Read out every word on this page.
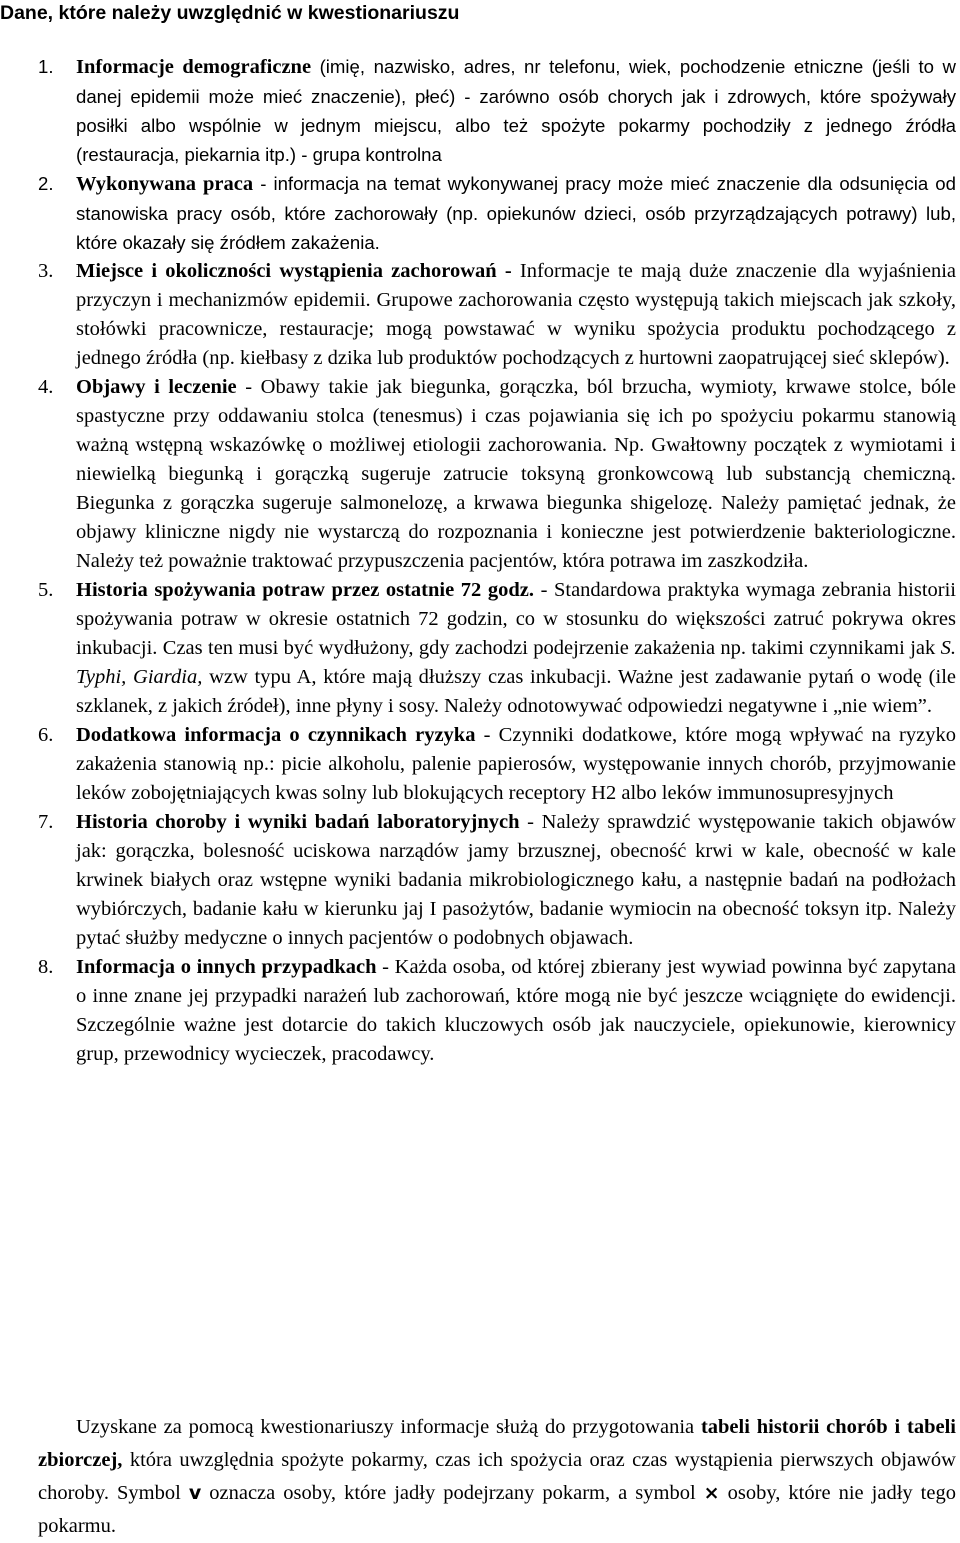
Dane, które należy uwzględnić w kwestionariuszu
1.	Informacje demograficzne (imię, nazwisko, adres, nr telefonu, wiek, pochodzenie etniczne (jeśli to w danej epidemii może mieć znaczenie), płeć) - zarówno osób chorych jak i zdrowych, które spożywały posiłki albo wspólnie w jednym miejscu, albo też spożyte pokarmy pochodziły z jednego źródła (restauracja, piekarnia itp.) - grupa kontrolna
2.	Wykonywana praca - informacja na temat wykonywanej pracy może mieć znaczenie dla odsunięcia od stanowiska pracy osób, które zachorowały (np. opiekunów dzieci, osób przyrządzających potrawy) lub, które okazały się źródłem zakażenia.
3.	Miejsce i okoliczności wystąpienia zachorowań - Informacje te mają duże znaczenie dla wyjaśnienia przyczyn i mechanizmów epidemii. Grupowe zachorowania często występują takich miejscach jak szkoły, stołówki pracownicze, restauracje; mogą powstawać w wyniku spożycia produktu pochodzącego z jednego źródła (np. kiełbasy z dzika lub produktów pochodzących z hurtowni zaopatrującej sieć sklepów).
4.	Objawy i leczenie - Obawy takie jak biegunka, gorączka, ból brzucha, wymioty, krwawe stolce, bóle spastyczne przy oddawaniu stolca (tenesmus) i czas pojawiania się ich po spożyciu pokarmu stanowią ważną wstępną wskazówkę o możliwej etiologii zachorowania. Np. Gwałtowny początek z wymiotami i niewielką biegunką i gorączką sugeruje zatrucie toksyną gronkowcową lub substancją chemiczną. Biegunka z gorączka sugeruje salmonelozę, a krwawa biegunka shigelozę. Należy pamiętać jednak, że objawy kliniczne nigdy nie wystarczą do rozpoznania i konieczne jest potwierdzenie bakteriologiczne. Należy też poważnie traktować przypuszczenia pacjentów, która potrawa im zaszkodziła.
5.	Historia spożywania potraw przez ostatnie 72 godz. - Standardowa praktyka wymaga zebrania historii spożywania potraw w okresie ostatnich 72 godzin, co w stosunku do większości zatruć pokrywa okres inkubacji. Czas ten musi być wydłużony, gdy zachodzi podejrzenie zakażenia np. takimi czynnikami jak S. Typhi, Giardia, wzw typu A, które mają dłuższy czas inkubacji. Ważne jest zadawanie pytań o wodę (ile szklanek, z jakich źródeł), inne płyny i sosy. Należy odnotowywać odpowiedzi negatywne i „nie wiem”.
6.	Dodatkowa informacja o czynnikach ryzyka - Czynniki dodatkowe, które mogą wpływać na ryzyko zakażenia stanowią np.: picie alkoholu, palenie papierosów, występowanie innych chorób, przyjmowanie leków zobojętniających kwas solny lub blokujących receptory H2 albo leków immunosupresyjnych
7.	Historia choroby i wyniki badań laboratoryjnych - Należy sprawdzić występowanie takich objawów jak: gorączka, bolesność uciskowa narządów jamy brzusznej, obecność krwi w kale, obecność w kale krwinek białych oraz wstępne wyniki badania mikrobiologicznego kału, a następnie badań na podłożach wybiórczych, badanie kału w kierunku jaj I pasożytów, badanie wymiocin na obecność toksyn itp. Należy pytać służby medyczne o innych pacjentów o podobnych objawach.
8.	Informacja o innych przypadkach - Każda osoba, od której zbierany jest wywiad powinna być zapytana o inne znane jej przypadki narażeń lub zachorowań, które mogą nie być jeszcze wciągnięte do ewidencji. Szczególnie ważne jest dotarcie do takich kluczowych osób jak nauczyciele, opiekunowie, kierownicy grup, przewodnicy wycieczek, pracodawcy.

Uzyskane za pomocą kwestionariuszy informacje służą do przygotowania tabeli historii chorób i tabeli zbiorczej, która uwzględnia spożyte pokarmy, czas ich spożycia oraz czas wystąpienia pierwszych objawów choroby. Symbol v oznacza osoby, które jadły podejrzany pokarm, a symbol × osoby, które nie jadły tego pokarmu.
